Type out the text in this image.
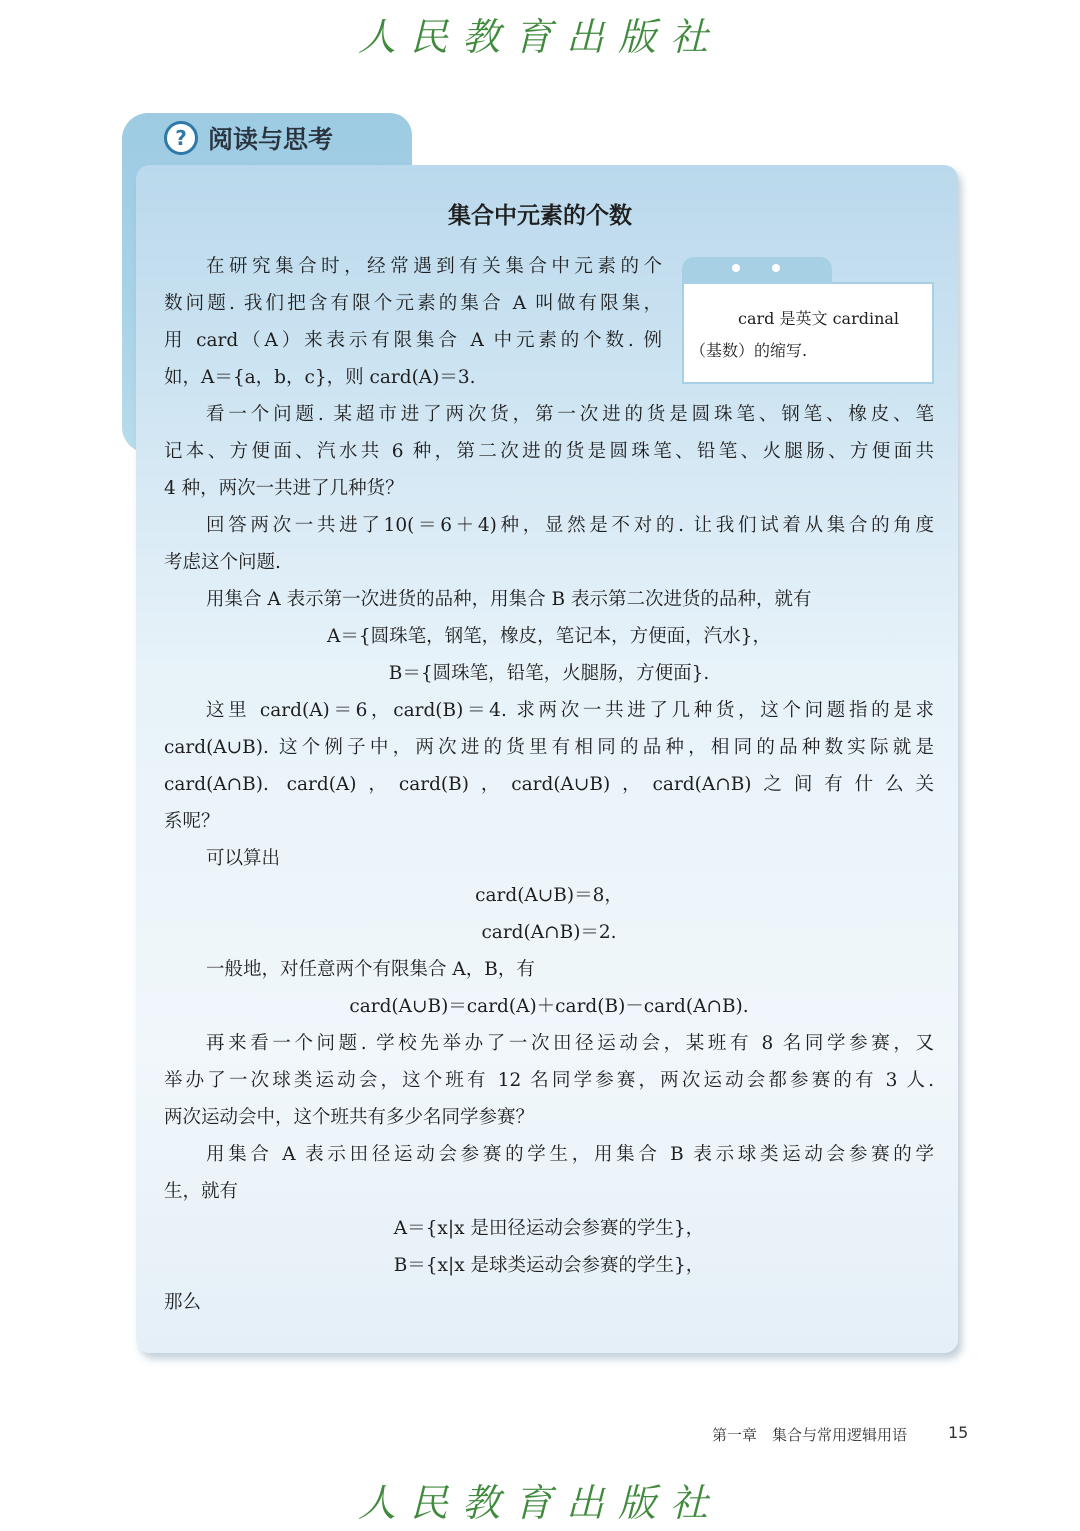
人民教育出版社
?
阅读与思考
集合中元素的个数
card 是英文 cardinal
（基数）的缩写.
在研究集合时，经常遇到有关集合中元素的个
数问题. 我们把含有限个元素的集合 A 叫做有限集，
用 card（A）来表示有限集合 A 中元素的个数. 例
如，A＝{a，b，c}，则 card(A)＝3.
看一个问题. 某超市进了两次货，第一次进的货是圆珠笔、钢笔、橡皮、笔
记本、方便面、汽水共 6 种，第二次进的货是圆珠笔、铅笔、火腿肠、方便面共
4 种，两次一共进了几种货？
回答两次一共进了10(＝6＋4)种，显然是不对的. 让我们试着从集合的角度
考虑这个问题.
用集合 A 表示第一次进货的品种，用集合 B 表示第二次进货的品种，就有
A＝{圆珠笔，钢笔，橡皮，笔记本，方便面，汽水}，
B＝{圆珠笔，铅笔，火腿肠，方便面}.
这里 card(A)＝6，card(B)＝4. 求两次一共进了几种货，这个问题指的是求
card(A∪B). 这个例子中，两次进的货里有相同的品种，相同的品种数实际就是
card(A∩B). card(A)，card(B)，card(A∪B)，card(A∩B)之间有什么关
系呢？
可以算出
card(A∪B)＝8，
card(A∩B)＝2.
一般地，对任意两个有限集合 A，B，有
card(A∪B)＝card(A)＋card(B)－card(A∩B).
再来看一个问题. 学校先举办了一次田径运动会，某班有 8 名同学参赛，又
举办了一次球类运动会，这个班有 12 名同学参赛，两次运动会都参赛的有 3 人.
两次运动会中，这个班共有多少名同学参赛？
用集合 A 表示田径运动会参赛的学生，用集合 B 表示球类运动会参赛的学
生，就有
A＝{x|x 是田径运动会参赛的学生}，
B＝{x|x 是球类运动会参赛的学生}，
那么
第一章　集合与常用逻辑用语	15
人民教育出版社
